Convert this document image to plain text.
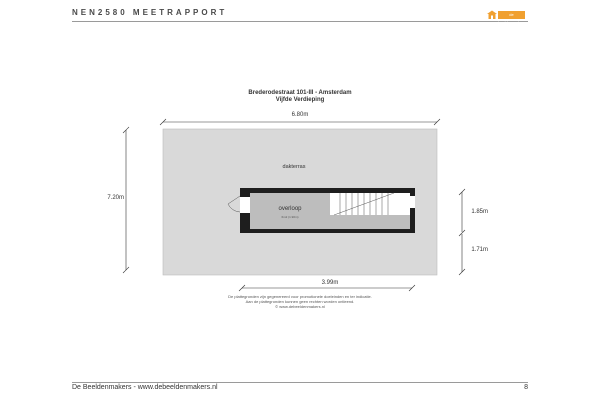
NEN2580 MEETRAPPORT	de beeldenmakers
Brederodestraat 101-III - Amsterdam
Vijfde Verdieping
6.80m
7.20m
dakterras
overloop
6m2 (1.90m)
1.85m
1.71m
3.99m
De plattegronden zijn gegenereerd voor promotionele doeleinden en ter indicatie.
Aan de plattegronden kunnen geen rechten worden ontleend.
© www.debeeldenmakers.nl
De Beeldenmakers - www.debeeldenmakers.nl	8
